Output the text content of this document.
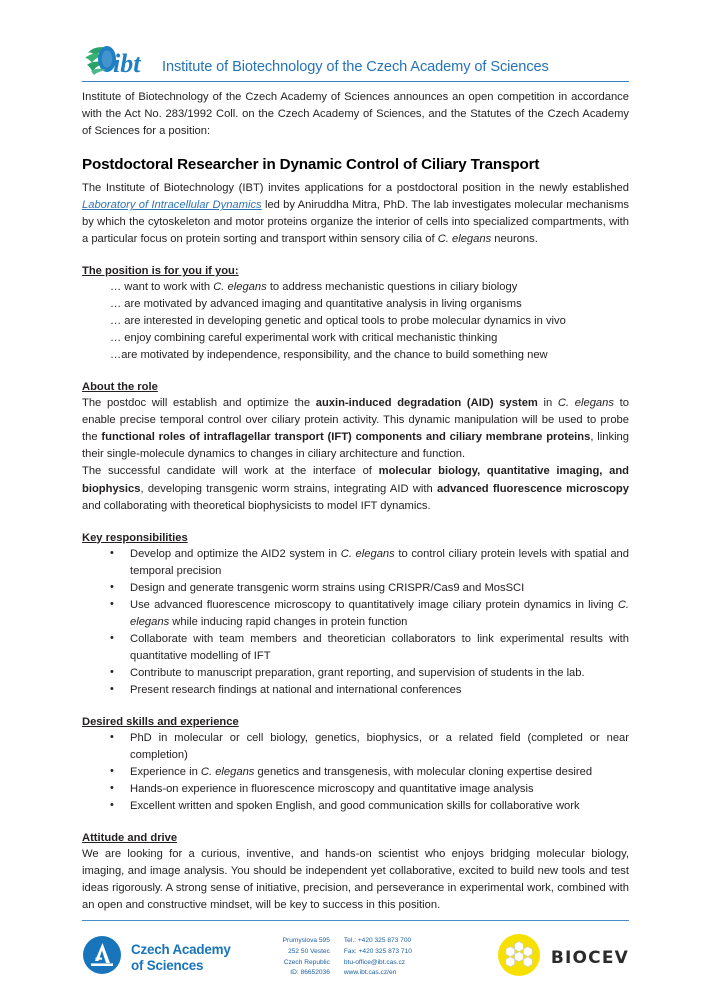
ibt Institute of Biotechnology of the Czech Academy of Sciences

Institute of Biotechnology of the Czech Academy of Sciences announces an open competition in accordance with the Act No. 283/1992 Coll. on the Czech Academy of Sciences, and the Statutes of the Czech Academy of Sciences for a position:

Postdoctoral Researcher in Dynamic Control of Ciliary Transport

The Institute of Biotechnology (IBT) invites applications for a postdoctoral position in the newly established Laboratory of Intracellular Dynamics led by Aniruddha Mitra, PhD. The lab investigates molecular mechanisms by which the cytoskeleton and motor proteins organize the interior of cells into specialized compartments, with a particular focus on protein sorting and transport within sensory cilia of C. elegans neurons.

The position is for you if you:
… want to work with C. elegans to address mechanistic questions in ciliary biology
… are motivated by advanced imaging and quantitative analysis in living organisms
… are interested in developing genetic and optical tools to probe molecular dynamics in vivo
… enjoy combining careful experimental work with critical mechanistic thinking
…are motivated by independence, responsibility, and the chance to build something new
About the role

The postdoc will establish and optimize the auxin-induced degradation (AID) system in C. elegans to enable precise temporal control over ciliary protein activity. This dynamic manipulation will be used to probe the functional roles of intraflagellar transport (IFT) components and ciliary membrane proteins, linking their single-molecule dynamics to changes in ciliary architecture and function.

The successful candidate will work at the interface of molecular biology, quantitative imaging, and biophysics, developing transgenic worm strains, integrating AID with advanced fluorescence microscopy and collaborating with theoretical biophysicists to model IFT dynamics.

Key responsibilities
• Develop and optimize the AID2 system in C. elegans to control ciliary protein levels with spatial and temporal precision
• Design and generate transgenic worm strains using CRISPR/Cas9 and MosSCI
• Use advanced fluorescence microscopy to quantitatively image ciliary protein dynamics in living C. elegans while inducing rapid changes in protein function
• Collaborate with team members and theoretician collaborators to link experimental results with quantitative modelling of IFT
• Contribute to manuscript preparation, grant reporting, and supervision of students in the lab.
• Present research findings at national and international conferences
Desired skills and experience
• PhD in molecular or cell biology, genetics, biophysics, or a related field (completed or near completion)
• Experience in C. elegans genetics and transgenesis, with molecular cloning expertise desired
• Hands-on experience in fluorescence microscopy and quantitative image analysis
• Excellent written and spoken English, and good communication skills for collaborative work
Attitude and drive

We are looking for a curious, inventive, and hands-on scientist who enjoys bridging molecular biology, imaging, and image analysis. You should be independent yet collaborative, excited to build new tools and test ideas rigorously. A strong sense of initiative, precision, and perseverance in experimental work, combined with an open and constructive mindset, will be key to success in this position.

Czech Academy
of Sciences
Prumyslova 595
252 50 Vestec
Czech Republic
ID: 86652036
Tel.: +420 325 873 700
Fax: +420 325 873 710
btu-office@ibt.cas.cz
www.ibt.cas.cz/en
BIOCEV
